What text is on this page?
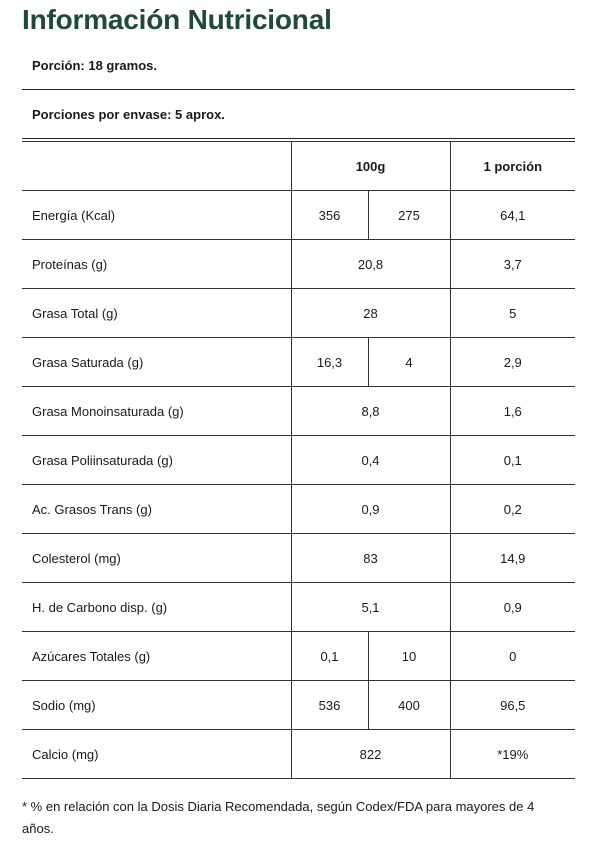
Información Nutricional
Porción: 18 gramos.
Porciones por envase: 5 aprox.
	100g		1 porción
Energía (Kcal)	356	275	64,1
Proteínas (g)	20,8		3,7
Grasa Total (g)	28		5
Grasa Saturada (g)	16,3	4	2,9
Grasa Monoinsaturada (g)	8,8		1,6
Grasa Poliinsaturada (g)	0,4		0,1
Ac. Grasos Trans (g)	0,9		0,2
Colesterol (mg)	83		14,9
H. de Carbono disp. (g)	5,1		0,9
Azúcares Totales (g)	0,1	10	0
Sodio (mg)	536	400	96,5
Calcio (mg)	822		*19%

* % en relación con la Dosis Diaria Recomendada, según Codex/FDA para mayores de 4 años.
